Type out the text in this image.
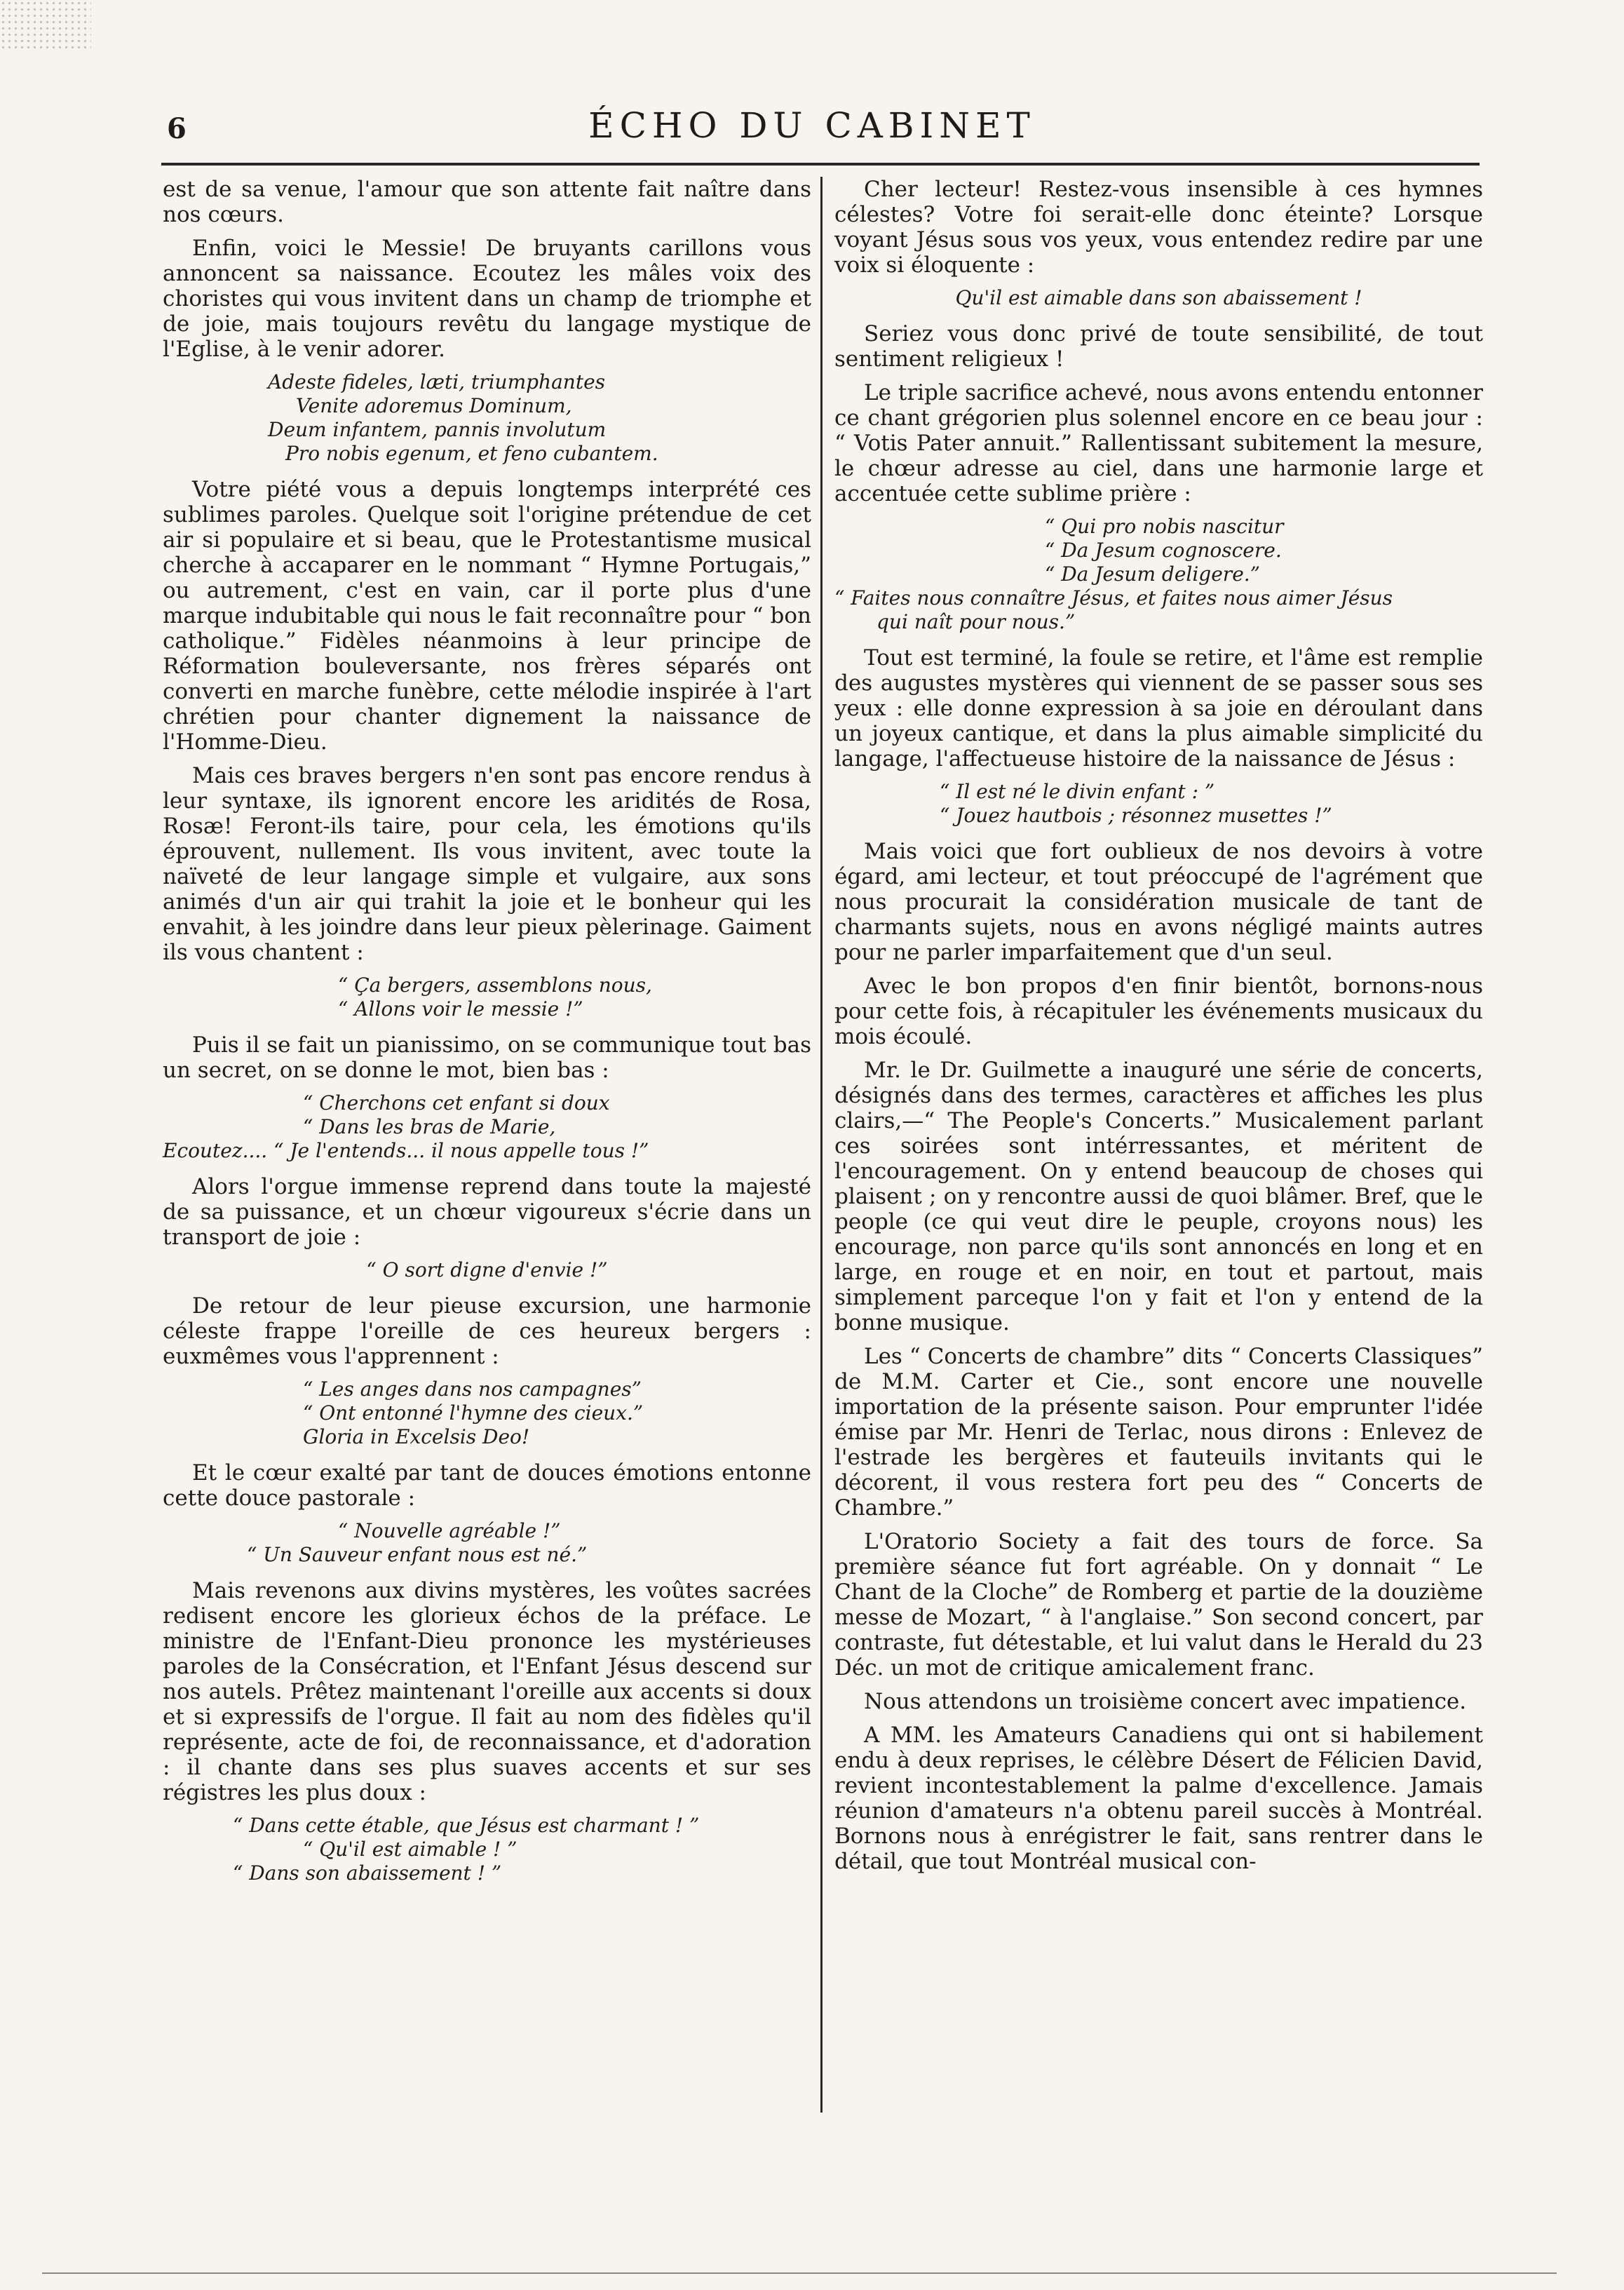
6	ÉCHO DU CABINET

est de sa venue, l'amour que son attente fait naître dans nos cœurs.

Enfin, voici le Messie! De bruyants carillons vous annoncent sa naissance. Ecoutez les mâles voix des choristes qui vous invitent dans un champ de triomphe et de joie, mais toujours revêtu du langage mystique de l'Eglise, à le venir adorer.

Adeste fideles, læti, triumphantes
Venite adoremus Dominum,
Deum infantem, pannis involutum
Pro nobis egenum, et feno cubantem.

Votre piété vous a depuis longtemps interprété ces sublimes paroles. Quelque soit l'origine prétendue de cet air si populaire et si beau, que le Protestantisme musical cherche à accaparer en le nommant “ Hymne Portugais,” ou autrement, c'est en vain, car il porte plus d'une marque indubitable qui nous le fait reconnaître pour “ bon catholique.” Fidèles néanmoins à leur principe de Réformation bouleversante, nos frères séparés ont converti en marche funèbre, cette mélodie inspirée à l'art chrétien pour chanter dignement la naissance de l'Homme-Dieu.

Mais ces braves bergers n'en sont pas encore rendus à leur syntaxe, ils ignorent encore les aridités de Rosa, Rosæ! Feront-ils taire, pour cela, les émotions qu'ils éprouvent, nullement. Ils vous invitent, avec toute la naïveté de leur langage simple et vulgaire, aux sons animés d'un air qui trahit la joie et le bonheur qui les envahit, à les joindre dans leur pieux pèlerinage. Gaiment ils vous chantent :

“ Ça bergers, assemblons nous,
“ Allons voir le messie !”

Puis il se fait un pianissimo, on se communique tout bas un secret, on se donne le mot, bien bas :

“ Cherchons cet enfant si doux
“ Dans les bras de Marie,
Ecoutez.... “ Je l'entends... il nous appelle tous !”

Alors l'orgue immense reprend dans toute la majesté de sa puissance, et un chœur vigoureux s'écrie dans un transport de joie :

“ O sort digne d'envie !”

De retour de leur pieuse excursion, une harmonie céleste frappe l'oreille de ces heureux bergers : euxmêmes vous l'apprennent :

“ Les anges dans nos campagnes”
“ Ont entonné l'hymne des cieux.”
Gloria in Excelsis Deo!

Et le cœur exalté par tant de douces émotions entonne cette douce pastorale :

“ Nouvelle agréable !”
“ Un Sauveur enfant nous est né.”

Mais revenons aux divins mystères, les voûtes sacrées redisent encore les glorieux échos de la préface. Le ministre de l'Enfant-Dieu prononce les mystérieuses paroles de la Consécration, et l'Enfant Jésus descend sur nos autels. Prêtez maintenant l'oreille aux accents si doux et si expressifs de l'orgue. Il fait au nom des fidèles qu'il représente, acte de foi, de reconnaissance, et d'adoration : il chante dans ses plus suaves accents et sur ses régistres les plus doux :

“ Dans cette étable, que Jésus est charmant ! ”
“ Qu'il est aimable ! ”
“ Dans son abaissement ! ”

Cher lecteur! Restez-vous insensible à ces hymnes célestes? Votre foi serait-elle donc éteinte? Lorsque voyant Jésus sous vos yeux, vous entendez redire par une voix si éloquente :

Qu'il est aimable dans son abaissement !

Seriez vous donc privé de toute sensibilité, de tout sentiment religieux !

Le triple sacrifice achevé, nous avons entendu entonner ce chant grégorien plus solennel encore en ce beau jour : “ Votis Pater annuit.” Rallentissant subitement la mesure, le chœur adresse au ciel, dans une harmonie large et accentuée cette sublime prière :

“ Qui pro nobis nascitur
“ Da Jesum cognoscere.
“ Da Jesum deligere.”
“ Faites nous connaître Jésus, et faites nous aimer Jésus
qui naît pour nous.”

Tout est terminé, la foule se retire, et l'âme est remplie des augustes mystères qui viennent de se passer sous ses yeux : elle donne expression à sa joie en déroulant dans un joyeux cantique, et dans la plus aimable simplicité du langage, l'affectueuse histoire de la naissance de Jésus :

“ Il est né le divin enfant : ”
“ Jouez hautbois ; résonnez musettes !”

Mais voici que fort oublieux de nos devoirs à votre égard, ami lecteur, et tout préoccupé de l'agrément que nous procurait la considération musicale de tant de charmants sujets, nous en avons négligé maints autres pour ne parler imparfaitement que d'un seul.

Avec le bon propos d'en finir bientôt, bornons-nous pour cette fois, à récapituler les événements musicaux du mois écoulé.

Mr. le Dr. Guilmette a inauguré une série de concerts, désignés dans des termes, caractères et affiches les plus clairs,—“ The People's Concerts.” Musicalement parlant ces soirées sont intérressantes, et méritent de l'encouragement. On y entend beaucoup de choses qui plaisent ; on y rencontre aussi de quoi blâmer. Bref, que le people (ce qui veut dire le peuple, croyons nous) les encourage, non parce qu'ils sont annoncés en long et en large, en rouge et en noir, en tout et partout, mais simplement parceque l'on y fait et l'on y entend de la bonne musique.

Les “ Concerts de chambre” dits “ Concerts Classiques” de M.M. Carter et Cie., sont encore une nouvelle importation de la présente saison. Pour emprunter l'idée émise par Mr. Henri de Terlac, nous dirons : Enlevez de l'estrade les bergères et fauteuils invitants qui le décorent, il vous restera fort peu des “ Concerts de Chambre.”

L'Oratorio Society a fait des tours de force. Sa première séance fut fort agréable. On y donnait “ Le Chant de la Cloche” de Romberg et partie de la douzième messe de Mozart, “ à l'anglaise.” Son second concert, par contraste, fut détestable, et lui valut dans le Herald du 23 Déc. un mot de critique amicalement franc.

Nous attendons un troisième concert avec impatience.

A MM. les Amateurs Canadiens qui ont si habilement endu à deux reprises, le célèbre Désert de Félicien David, revient incontestablement la palme d'excellence. Jamais réunion d'amateurs n'a obtenu pareil succès à Montréal. Bornons nous à enrégistrer le fait, sans rentrer dans le détail, que tout Montréal musical con-
